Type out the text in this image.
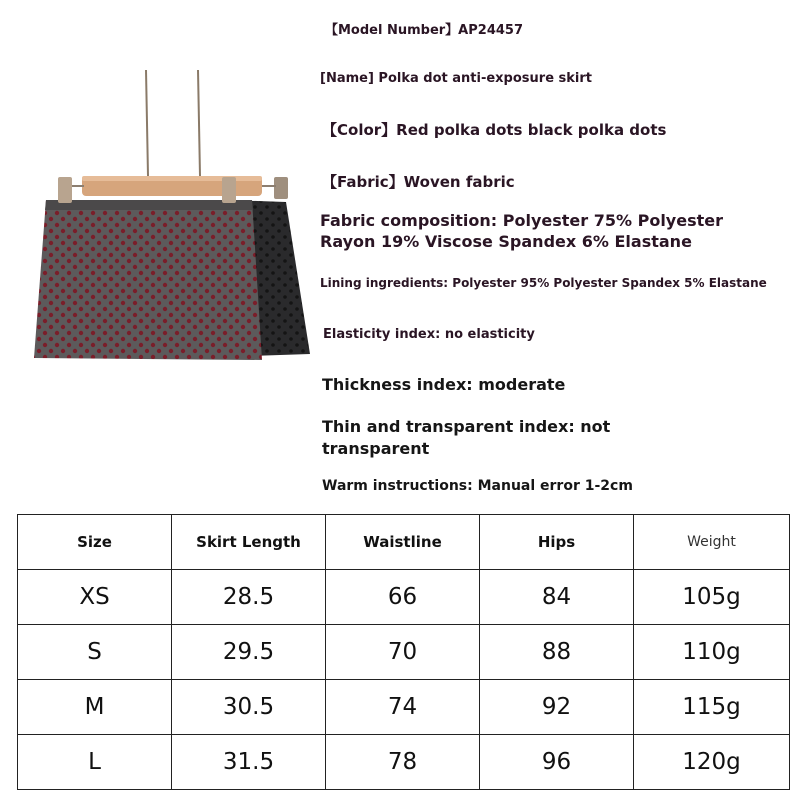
【Model Number】AP24457
[Name] Polka dot anti-exposure skirt
【Color】Red polka dots black polka dots
【Fabric】Woven fabric
Fabric composition: Polyester 75% Polyester Rayon 19% Viscose Spandex 6% Elastane
Lining ingredients: Polyester 95% Polyester Spandex 5% Elastane
Elasticity index: no elasticity
Thickness index: moderate
Thin and transparent index: not transparent
Warm instructions: Manual error 1-2cm
Size	Skirt Length	Waistline	Hips	Weight
XS	28.5	66	84	105g
S	29.5	70	88	110g
M	30.5	74	92	115g
L	31.5	78	96	120g
